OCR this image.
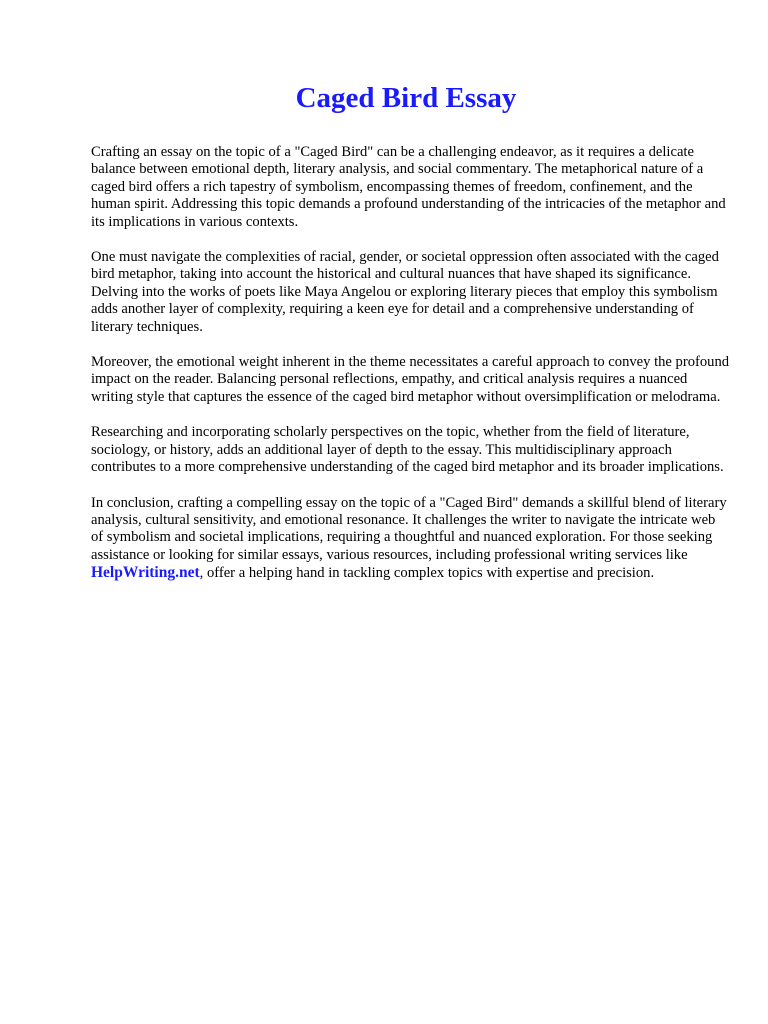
Caged Bird Essay

Crafting an essay on the topic of a "Caged Bird" can be a challenging endeavor, as it requires a delicate balance between emotional depth, literary analysis, and social commentary. The metaphorical nature of a caged bird offers a rich tapestry of symbolism, encompassing themes of freedom, confinement, and the human spirit. Addressing this topic demands a profound understanding of the intricacies of the metaphor and its implications in various contexts.

One must navigate the complexities of racial, gender, or societal oppression often associated with the caged bird metaphor, taking into account the historical and cultural nuances that have shaped its significance. Delving into the works of poets like Maya Angelou or exploring literary pieces that employ this symbolism adds another layer of complexity, requiring a keen eye for detail and a comprehensive understanding of literary techniques.

Moreover, the emotional weight inherent in the theme necessitates a careful approach to convey the profound impact on the reader. Balancing personal reflections, empathy, and critical analysis requires a nuanced writing style that captures the essence of the caged bird metaphor without oversimplification or melodrama.

Researching and incorporating scholarly perspectives on the topic, whether from the field of literature, sociology, or history, adds an additional layer of depth to the essay. This multidisciplinary approach contributes to a more comprehensive understanding of the caged bird metaphor and its broader implications.

In conclusion, crafting a compelling essay on the topic of a "Caged Bird" demands a skillful blend of literary analysis, cultural sensitivity, and emotional resonance. It challenges the writer to navigate the intricate web of symbolism and societal implications, requiring a thoughtful and nuanced exploration. For those seeking assistance or looking for similar essays, various resources, including professional writing services like HelpWriting.net, offer a helping hand in tackling complex topics with expertise and precision.
